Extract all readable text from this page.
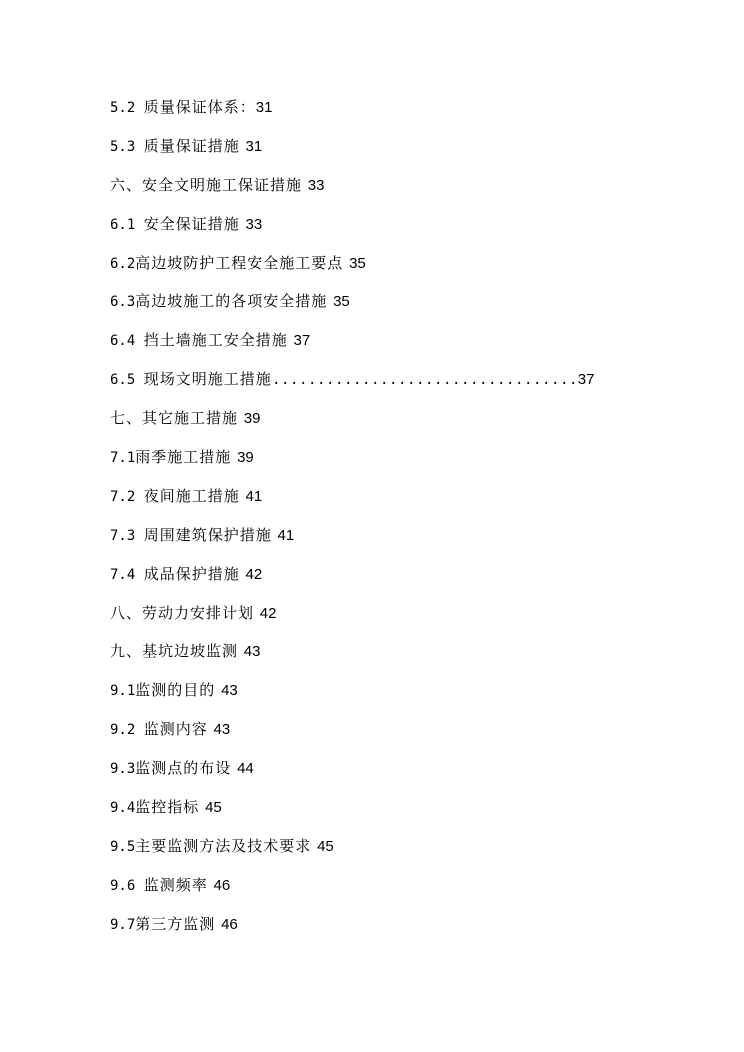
5.2 质量保证体系：31
5.3 质量保证措施 31
六、安全文明施工保证措施 33
6.1 安全保证措施 33
6.2高边坡防护工程安全施工要点 35
6.3高边坡施工的各项安全措施 35
6.4 挡土墙施工安全措施 37
6.5 现场文明施工措施..................................37
七、其它施工措施 39
7.1雨季施工措施 39
7.2 夜间施工措施 41
7.3 周围建筑保护措施 41
7.4 成品保护措施 42
八、劳动力安排计划 42
九、基坑边坡监测 43
9.1监测的目的 43
9.2 监测内容 43
9.3监测点的布设 44
9.4监控指标 45
9.5主要监测方法及技术要求 45
9.6 监测频率 46
9.7第三方监测 46
